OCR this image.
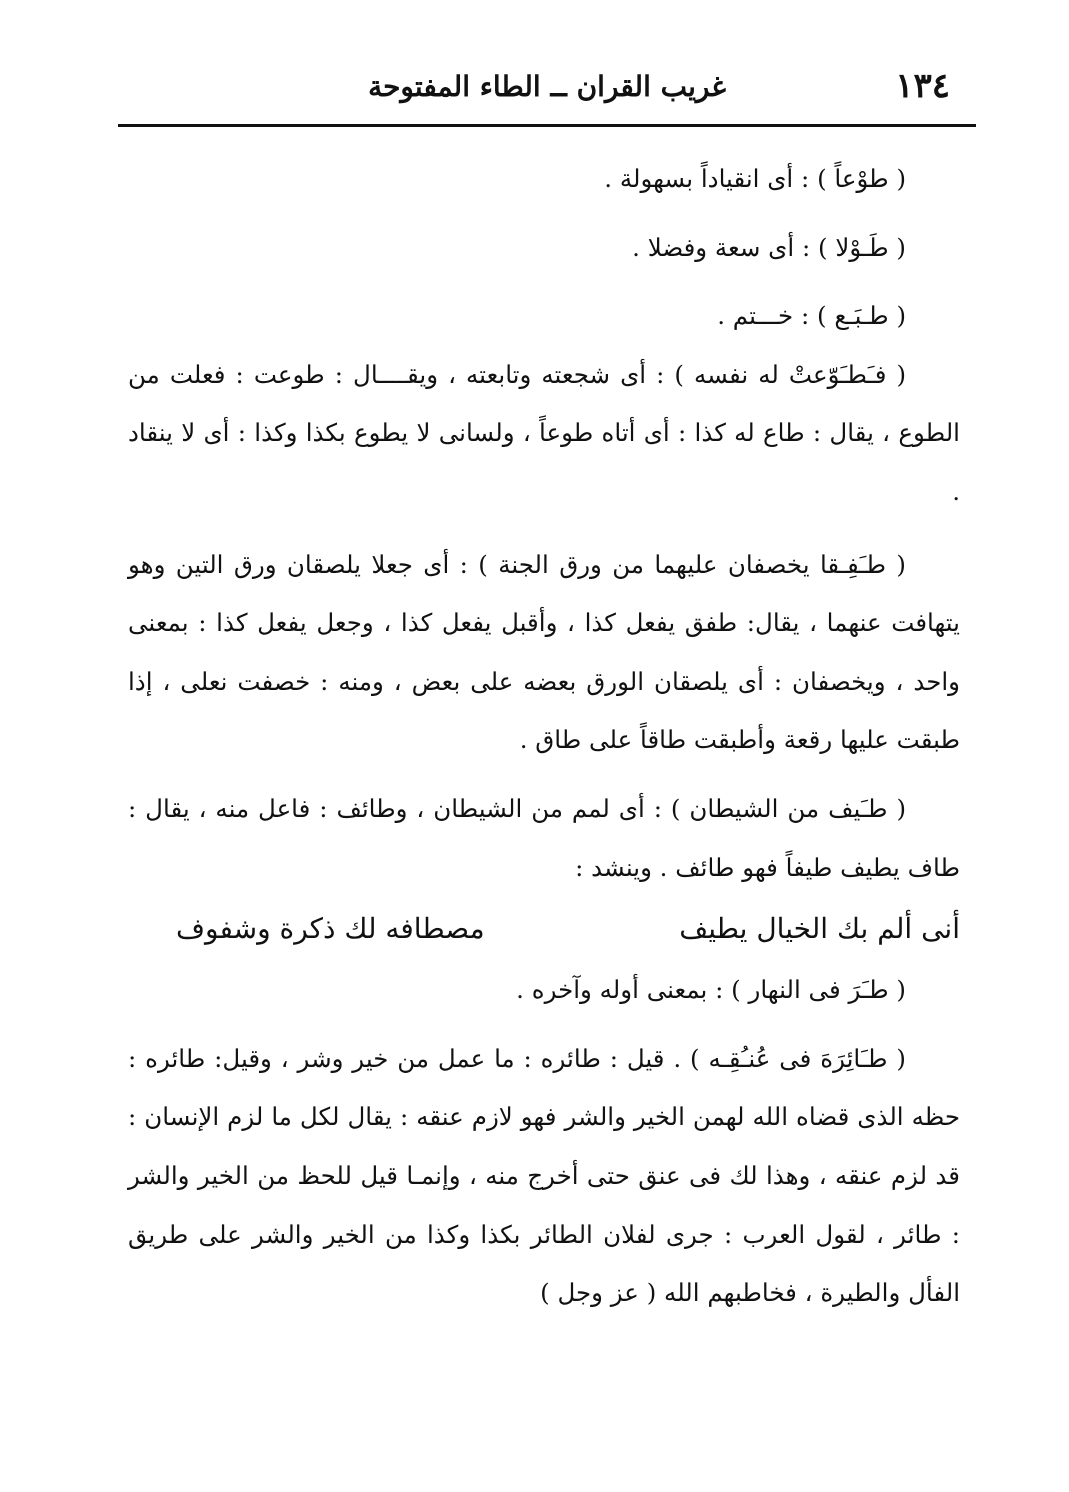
١٣٤
غريب القران ــ الطاء المفتوحة

( طوْعاً ) : أى انقياداً بسهولة .

( طَـوْلا ) : أى سعة وفضلا .

( طـبَـع ) : خـــتم .

( فـَطـَوّعتْ له نفسه ) : أى شجعته وتابعته ، ويقــــال : طوعت : فعلت من الطوع ، يقال : طاع له كذا : أى أتاه طوعاً ، ولسانى لا يطوع بكذا وكذا : أى لا ينقاد .

( طـَفِـقا يخصفان عليهما من ورق الجنة ) : أى جعلا يلصقان ورق التين وهو يتهافت عنهما ، يقال: طفق يفعل كذا ، وأقبل يفعل كذا ، وجعل يفعل كذا : بمعنى واحد ، ويخصفان : أى يلصقان الورق بعضه على بعض ، ومنه : خصفت نعلى ، إذا طبقت عليها رقعة وأطبقت طاقاً على طاق .

( طـَيف من الشيطان ) : أى لمم من الشيطان ، وطائف : فاعل منه ، يقال : طاف يطيف طيفاً فهو طائف . وينشد :

أنى ألم بك الخيال يطيف
مصطافه لك ذكرة وشفوف

( طـَرَ فى النهار ) : بمعنى أوله وآخره .

( طـَائِرَهَ فى عُنـُقِـه ) . قيل : طائره : ما عمل من خير وشر ، وقيل: طائره : حظه الذى قضاه الله لهمن الخير والشر فهو لازم عنقه : يقال لكل ما لزم الإنسان : قد لزم عنقه ، وهذا لك فى عنق حتى أخرج منه ، وإنمـا قيل للحظ من الخير والشر : طائر ، لقول العرب : جرى لفلان الطائر بكذا وكذا من الخير والشر على طريق الفأل والطيرة ، فخاطبهم الله ( عز وجل )
